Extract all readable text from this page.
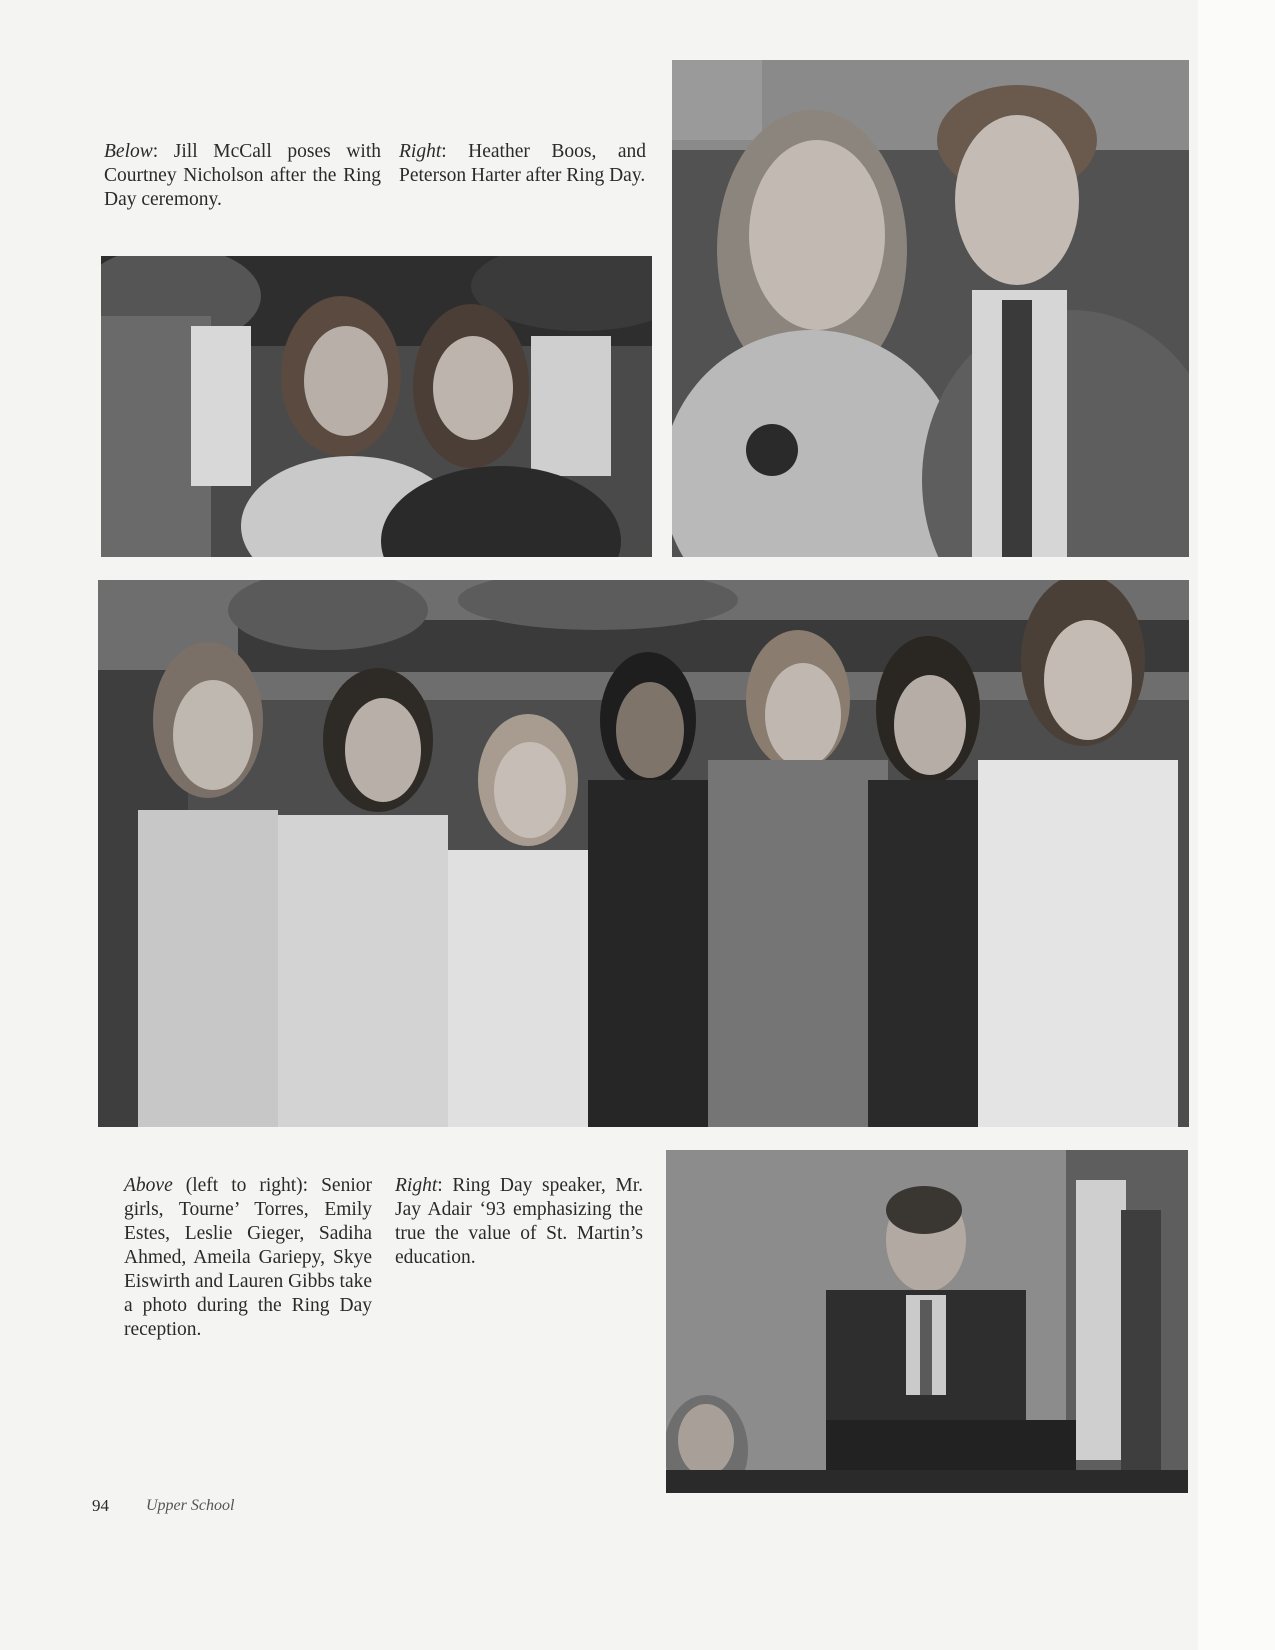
Below: Jill McCall poses with Courtney Nicholson after the Ring Day ceremony.

Right: Heather Boos, and Peterson Harter after Ring Day.

Above (left to right): Senior girls, Tourne’ Torres, Emily Estes, Leslie Gieger, Sadiha Ahmed, Ameila Gariepy, Skye Eiswirth and Lauren Gibbs take a photo during the Ring Day reception.

Right: Ring Day speaker, Mr. Jay Adair ‘93 emphasizing the true the value of St. Martin’s education.

94 Upper School
